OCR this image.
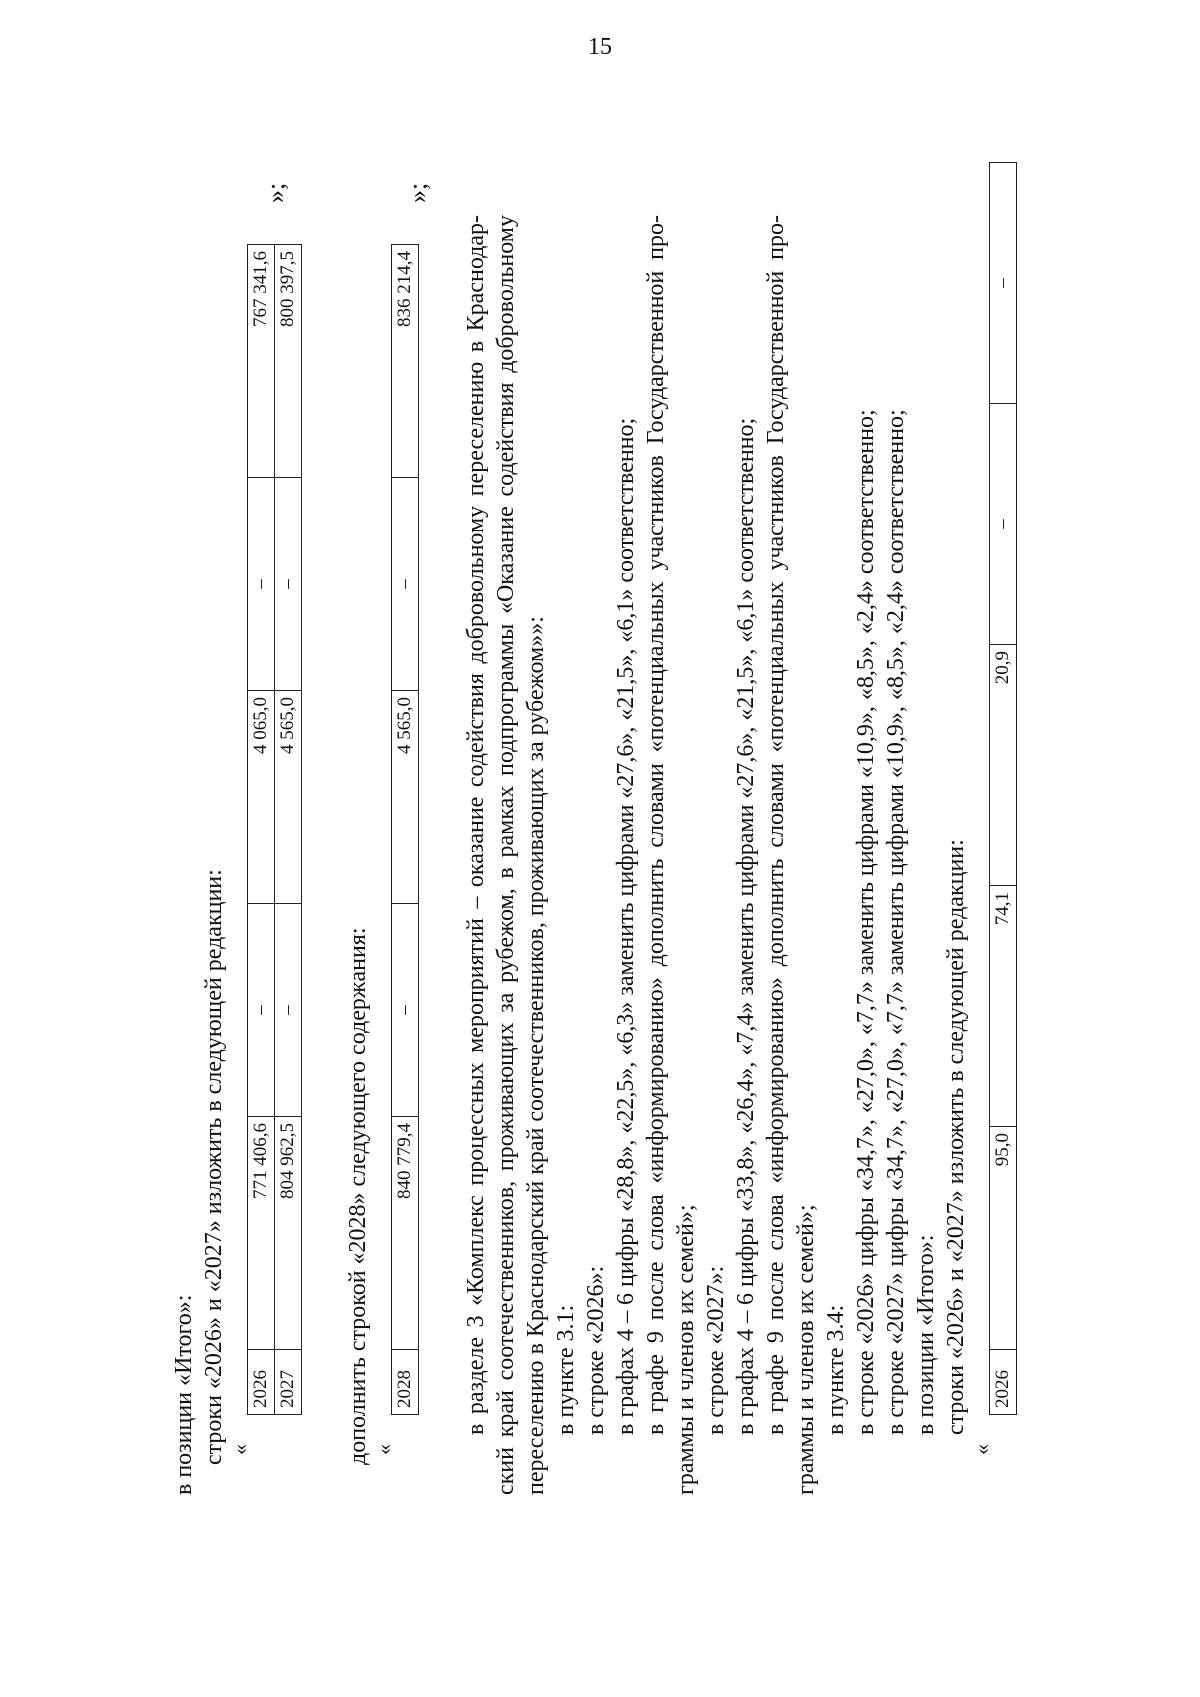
15
в позиции «Итого»: строки «2026» и «2027» изложить в следующей редакции: «
2026	771 406,6	–	4 065,0	–	767 341,6
2027	804 962,5	–	4 565,0	–	800 397,5
»;
дополнить строкой «2028» следующего содержания: «
2028	840 779,4	–	4 565,0	–	836 214,4
»;
в разделе 3 «Комплекс процессных мероприятий – оказание содействия добровольному переселению в Краснодар- ский край соотечественников, проживающих за рубежом, в рамках подпрограммы «Оказание содействия добровольному переселению в Краснодарский край соотечественников, проживающих за рубежом»»: в пункте 3.1: в строке «2026»: в графах 4 – 6 цифры «28,8», «22,5», «6,3» заменить цифрами «27,6», «21,5», «6,1» соответственно; в графе 9 после слова «информированию» дополнить словами «потенциальных участников Государственной про- граммы и членов их семей»; в строке «2027»: в графах 4 – 6 цифры «33,8», «26,4», «7,4» заменить цифрами «27,6», «21,5», «6,1» соответственно; в графе 9 после слова «информированию» дополнить словами «потенциальных участников Государственной про- граммы и членов их семей»; в пункте 3.4: в строке «2026» цифры «34,7», «27,0», «7,7» заменить цифрами «10,9», «8,5», «2,4» соответственно; в строке «2027» цифры «34,7», «27,0», «7,7» заменить цифрами «10,9», «8,5», «2,4» соответственно; в позиции «Итого»: строки «2026» и «2027» изложить в следующей редакции:
«
2026	95,0	74,1	20,9	–	–
